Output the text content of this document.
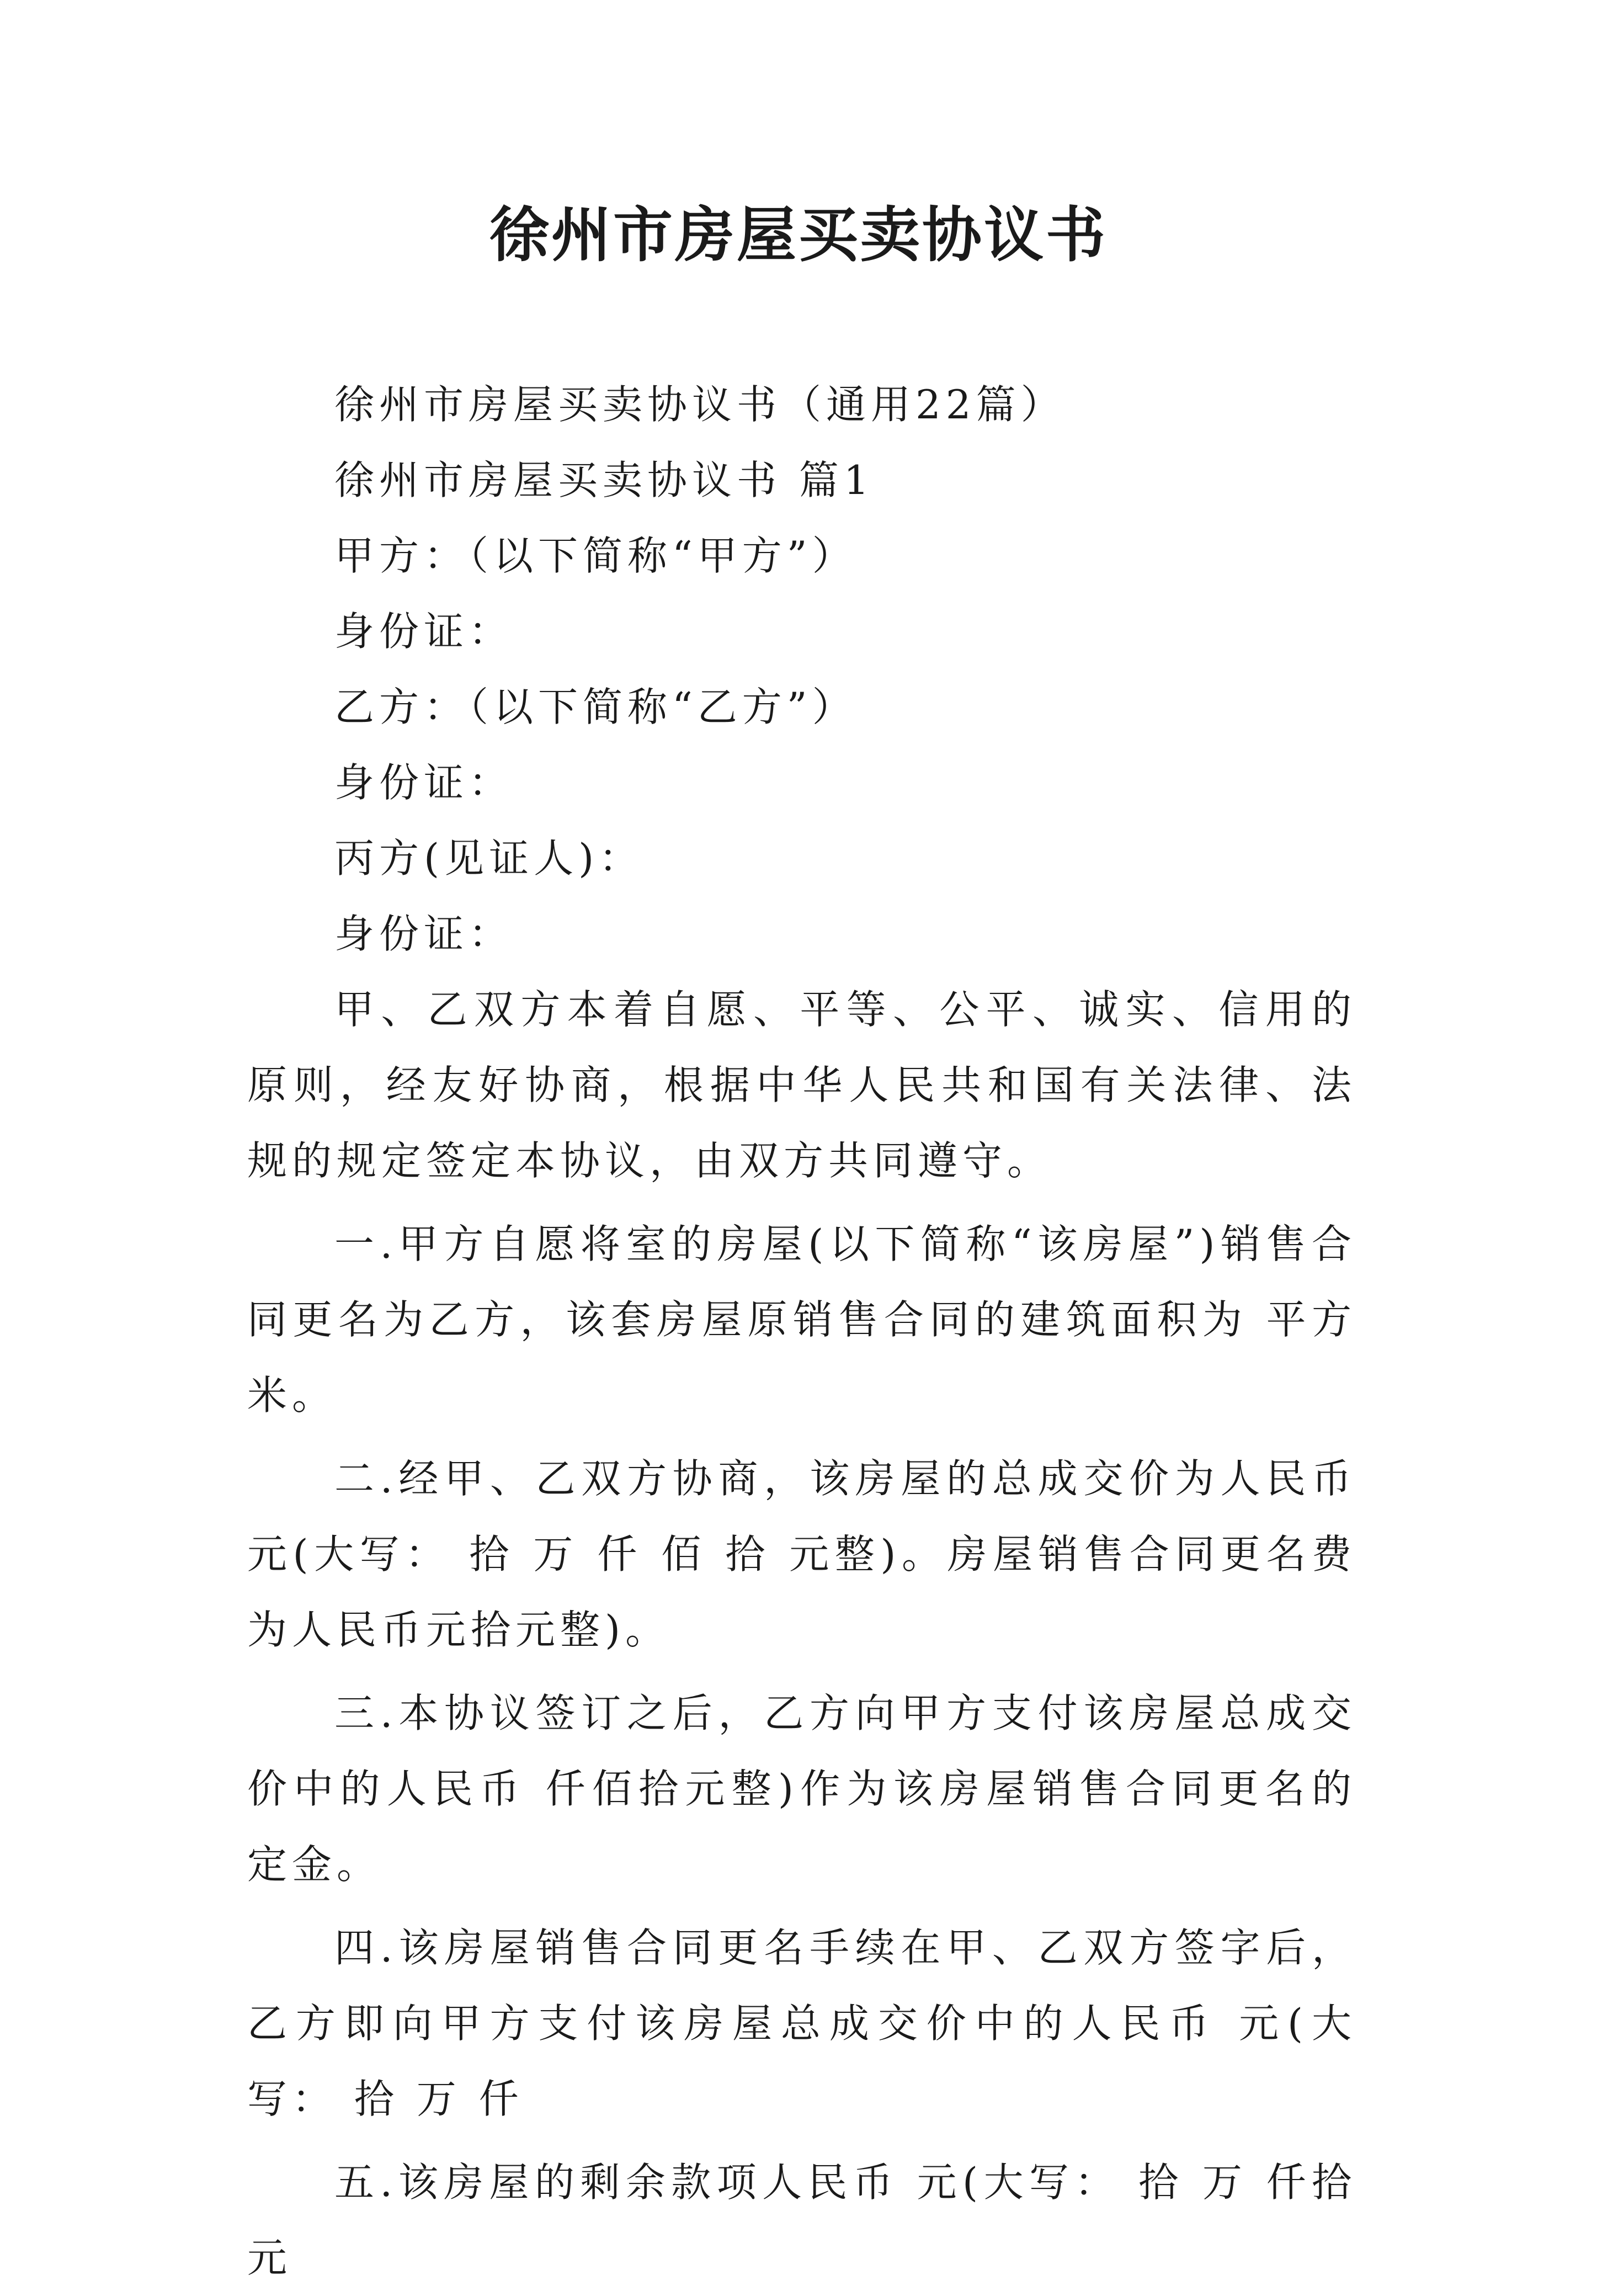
徐州市房屋买卖协议书

徐州市房屋买卖协议书（通用22篇）

徐州市房屋买卖协议书 篇1

甲方：（以下简称“甲方”）

身份证：

乙方：（以下简称“乙方”）

身份证：

丙方(见证人)：

身份证：

甲、乙双方本着自愿、平等、公平、诚实、信用的原则，经友好协商，根据中华人民共和国有关法律、法规的规定签定本协议，由双方共同遵守。

一.甲方自愿将室的房屋(以下简称“该房屋”)销售合同更名为乙方，该套房屋原销售合同的建筑面积为 平方米。

二.经甲、乙双方协商，该房屋的总成交价为人民币 元(大写： 拾 万 仟 佰 拾 元整)。房屋销售合同更名费为人民币元拾元整)。

三.本协议签订之后，乙方向甲方支付该房屋总成交价中的人民币 仟佰拾元整)作为该房屋销售合同更名的定金。

四.该房屋销售合同更名手续在甲、乙双方签字后，乙方即向甲方支付该房屋总成交价中的人民币 元(大写： 拾 万 仟

五.该房屋的剩余款项人民币 元(大写： 拾 万 仟拾元
